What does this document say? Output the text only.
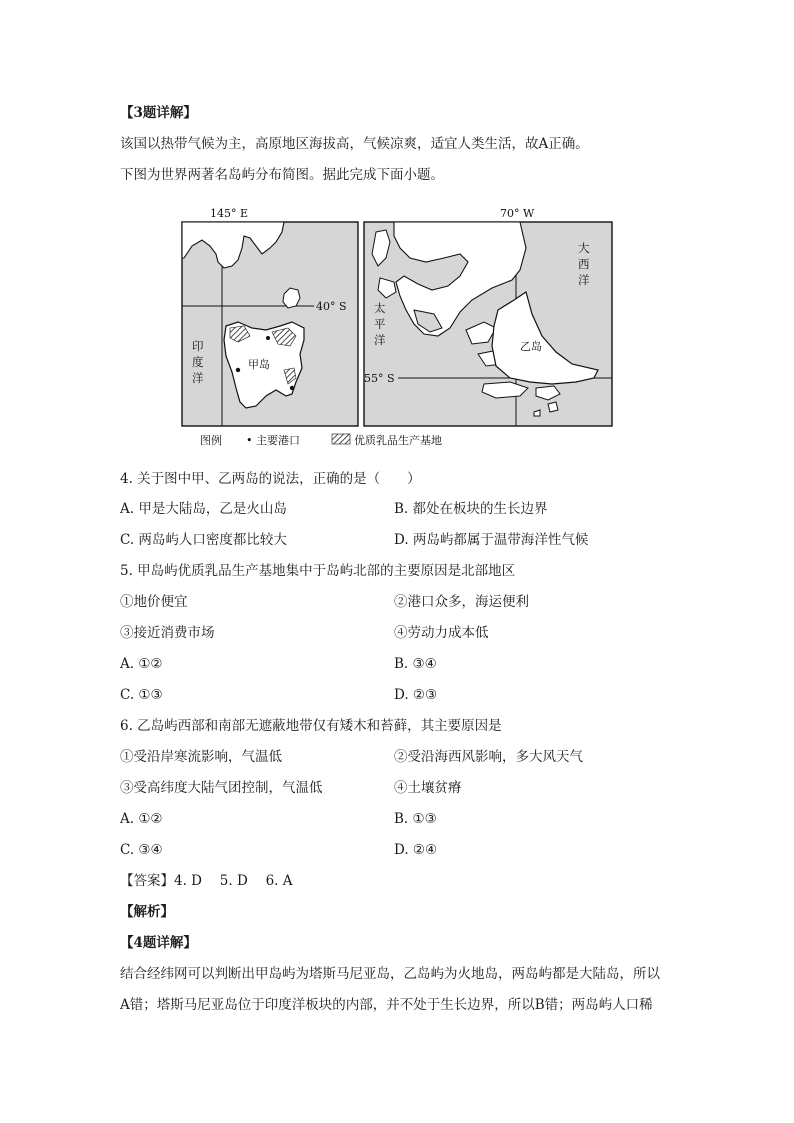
【3题详解】
该国以热带气候为主，高原地区海拔高，气候凉爽，适宜人类生活，故A正确。
下图为世界两著名岛屿分布简图。据此完成下面小题。
145° E
40° S
印
度
洋
甲岛
70° W
55° S
太
平
洋
大
西
洋
乙岛
图例 • 主要港口	优质乳品生产基地
4. 关于图中甲、乙两岛的说法，正确的是（　　）
A. 甲是大陆岛，乙是火山岛	B. 都处在板块的生长边界
C. 两岛屿人口密度都比较大	D. 两岛屿都属于温带海洋性气候
5. 甲岛屿优质乳品生产基地集中于岛屿北部的主要原因是北部地区
①地价便宜	②港口众多，海运便利
③接近消费市场	④劳动力成本低
A. ①②	B. ③④
C. ①③	D. ②③
6. 乙岛屿西部和南部无遮蔽地带仅有矮木和苔藓，其主要原因是
①受沿岸寒流影响，气温低	②受沿海西风影响，多大风天气
③受高纬度大陆气团控制，气温低	④土壤贫瘠
A. ①②	B. ①③
C. ③④	D. ②④
【答案】4. D　 5. D　 6. A
【解析】
【4题详解】
结合经纬网可以判断出甲岛屿为塔斯马尼亚岛，乙岛屿为火地岛，两岛屿都是大陆岛，所以
A错；塔斯马尼亚岛位于印度洋板块的内部，并不处于生长边界，所以B错；两岛屿人口稀
